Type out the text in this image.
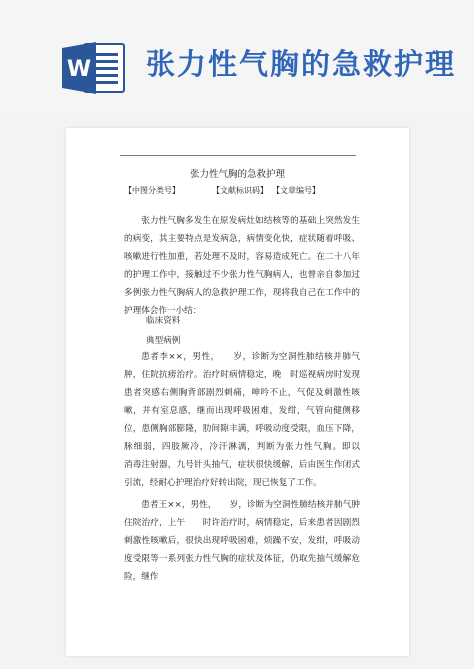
W 张力性气胸的急救护理
张力性气胸的急救护理
【中图分类号】	【文献标识码】 【文章编号】
张力性气胸多发生在原发病灶如结核等的基础上突然发生的病变，其主要特点是发病急，病情变化快，症状随着呼吸、咳嗽进行性加重，若处理不及时，容易造成死亡。在二十八年的护理工作中，接触过不少张力性气胸病人，也曾亲自参加过多例张力性气胸病人的急救护理工作，现将我自己在工作中的护理体会作一小结：
临床资料
典型病例
患者李××，男性，　　岁，诊断为空洞性肺结核并肺气肿，住院抗痨治疗。治疗时病情稳定，晚　时巡视病房时发现患者突感右侧胸背部剧烈刺痛，呻吟不止，气促及刺激性咳嗽，并有室息感，继而出现呼吸困难，发绀，气管向健侧移位，患侧胸部膨隆，肋间隙丰满，呼吸动度受限，血压下降，脉细弱，四肢厥冷，冷汗淋漓，判断为张力性气胸。即以　　消毒注射器，九号针头抽气，症状很快缓解，后由医生作闭式引流，经耐心护理治疗好转出院，现已恢复了工作。
患者王××，男性，　　岁，诊断为空洞性肺结核并肺气肿住院治疗，上午　　时许治疗时，病情稳定，后来患者因剧烈刺激性咳嗽后，很快出现呼吸困难，烦躁不安，发绀，呼吸动度受限等一系列张力性气胸的症状及体征，仍取先抽气缓解危险，继作
